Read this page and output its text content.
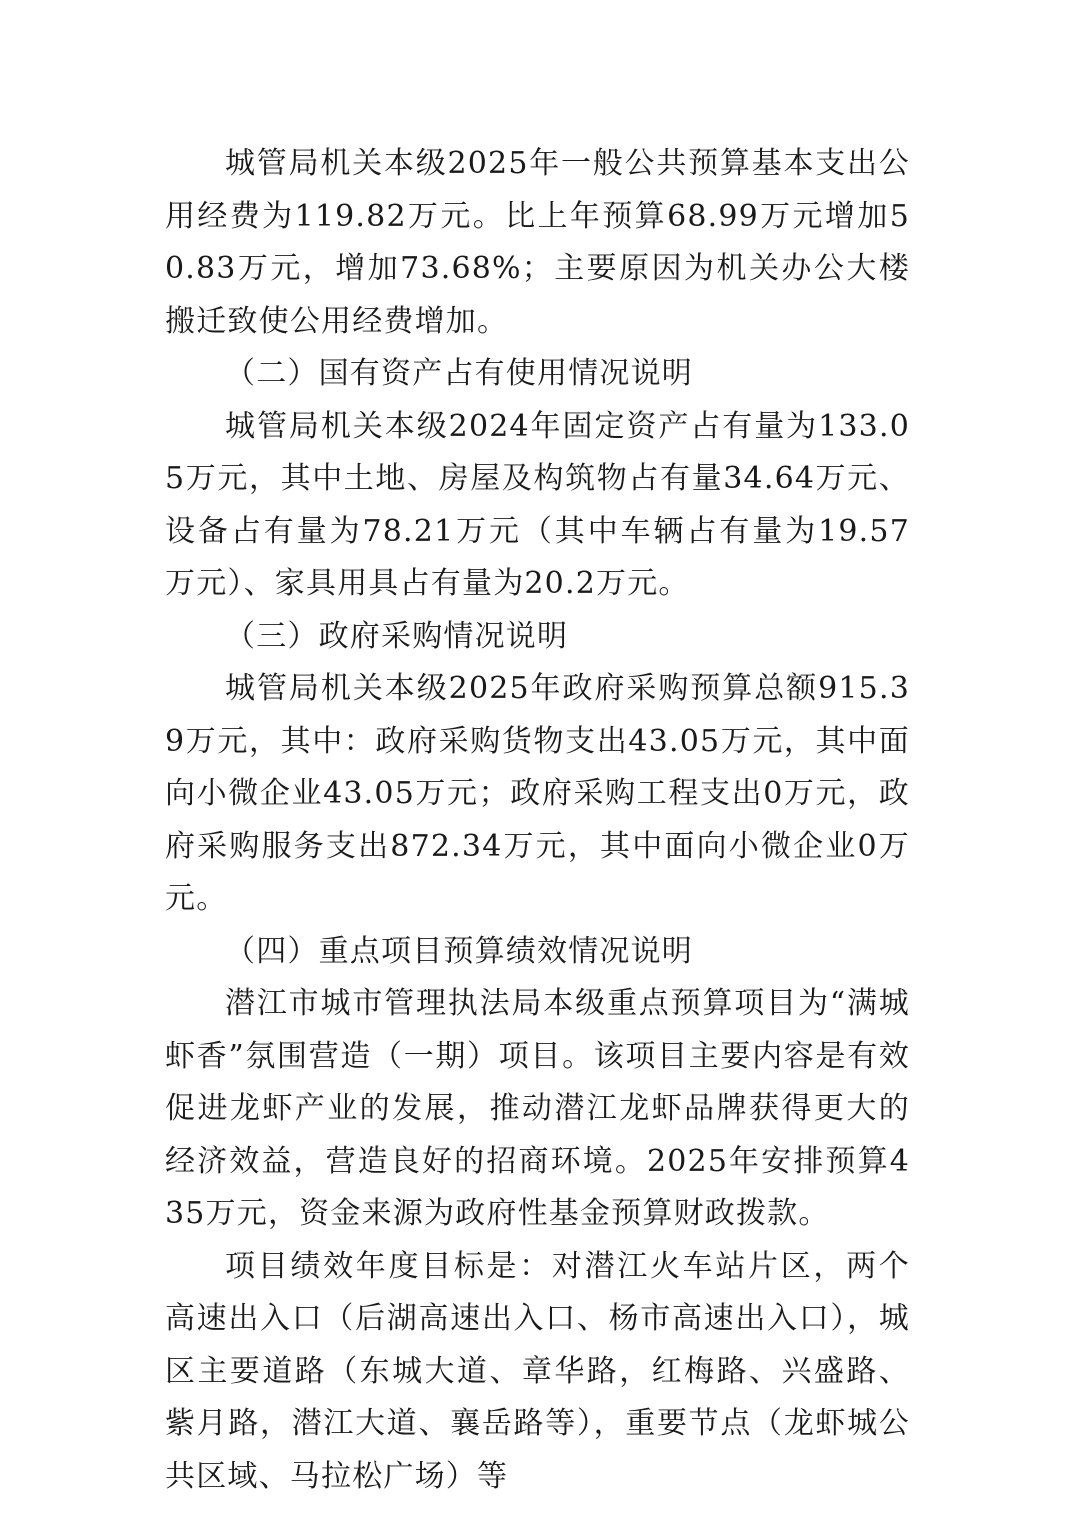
城管局机关本级2025年一般公共预算基本支出公用经费为119.82万元。比上年预算68.99万元增加50.83万元，增加73.68%；主要原因为机关办公大楼搬迁致使公用经费增加。

（二）国有资产占有使用情况说明

城管局机关本级2024年固定资产占有量为133.05万元，其中土地、房屋及构筑物占有量34.64万元、设备占有量为78.21万元（其中车辆占有量为19.57万元）、家具用具占有量为20.2万元。

（三）政府采购情况说明

城管局机关本级2025年政府采购预算总额915.39万元，其中：政府采购货物支出43.05万元，其中面向小微企业43.05万元；政府采购工程支出0万元，政府采购服务支出872.34万元，其中面向小微企业0万元。

（四）重点项目预算绩效情况说明

潜江市城市管理执法局本级重点预算项目为“满城虾香”氛围营造（一期）项目。该项目主要内容是有效促进龙虾产业的发展，推动潜江龙虾品牌获得更大的经济效益，营造良好的招商环境。2025年安排预算435万元，资金来源为政府性基金预算财政拨款。

项目绩效年度目标是：对潜江火车站片区，两个高速出入口（后湖高速出入口、杨市高速出入口），城区主要道路（东城大道、章华路，红梅路、兴盛路、紫月路，潜江大道、襄岳路等），重要节点（龙虾城公共区域、马拉松广场）等
